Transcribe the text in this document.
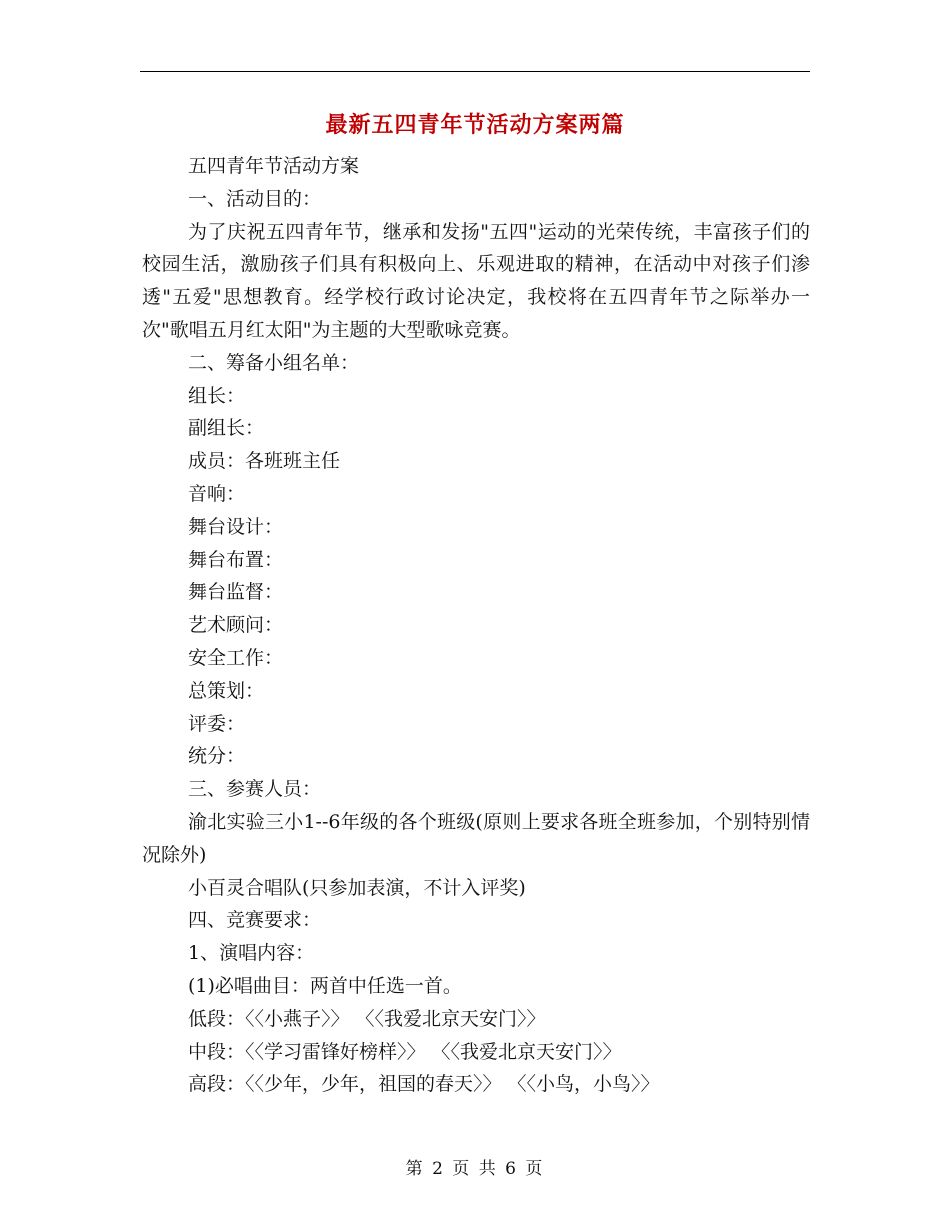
最新五四青年节活动方案两篇
五四青年节活动方案
一、活动目的：
为了庆祝五四青年节，继承和发扬"五四"运动的光荣传统，丰富孩子们的校园生活，激励孩子们具有积极向上、乐观进取的精神，在活动中对孩子们渗透"五爱"思想教育。经学校行政讨论决定，我校将在五四青年节之际举办一次"歌唱五月红太阳"为主题的大型歌咏竞赛。
二、筹备小组名单：
组长：
副组长：
成员：各班班主任
音响：
舞台设计：
舞台布置：
舞台监督：
艺术顾问：
安全工作：
总策划：
评委：
统分：
三、参赛人员：
渝北实验三小1--6年级的各个班级(原则上要求各班全班参加，个别特别情况除外)
小百灵合唱队(只参加表演，不计入评奖)
四、竞赛要求：
1、演唱内容：
(1)必唱曲目：两首中任选一首。
低段：〈〈小燕子〉〉 〈〈我爱北京天安门〉〉
中段：〈〈学习雷锋好榜样〉〉 〈〈我爱北京天安门〉〉
高段：〈〈少年，少年，祖国的春天〉〉 〈〈小鸟，小鸟〉〉
第 2 页 共 6 页
